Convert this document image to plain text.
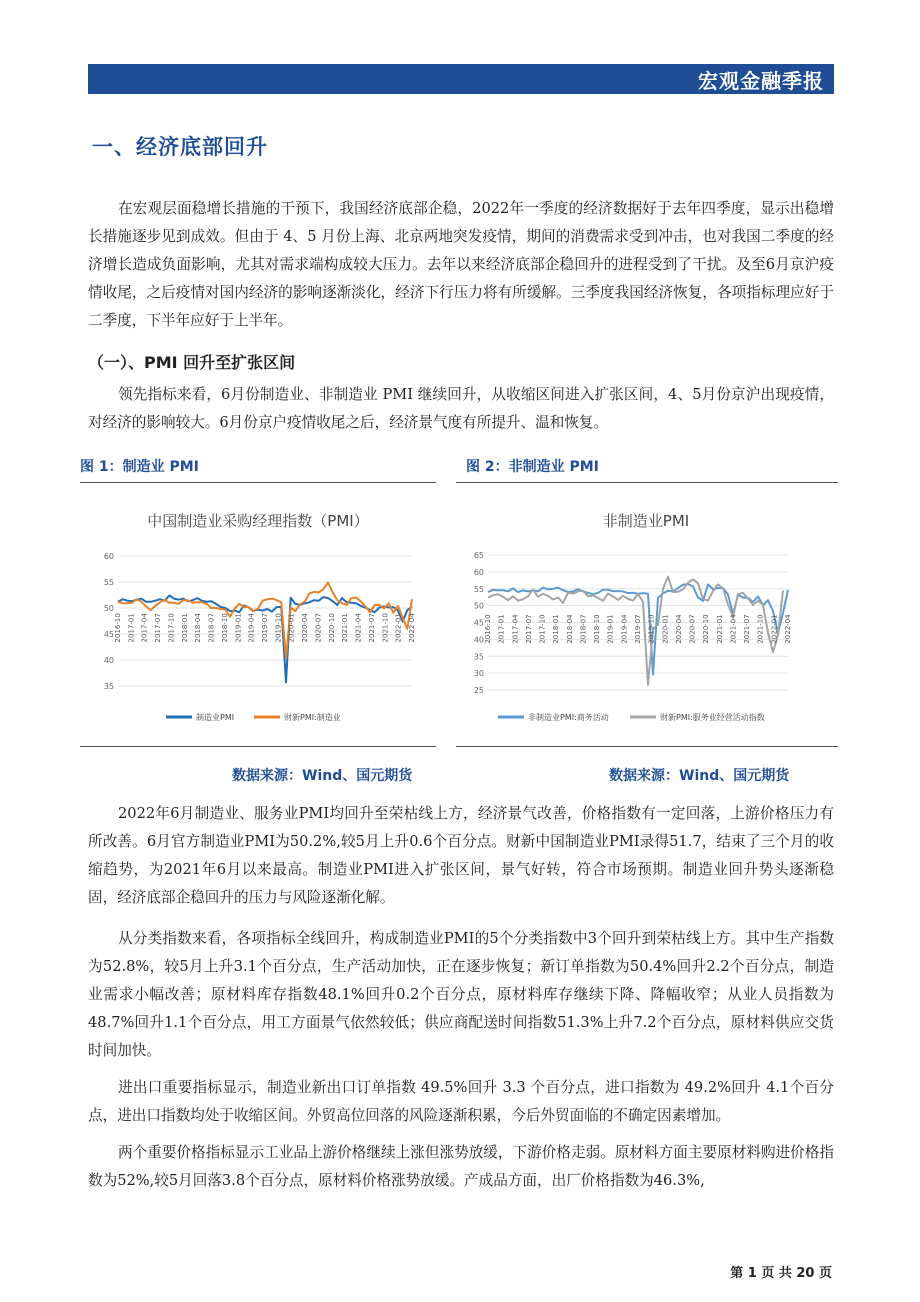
宏观金融季报
一、经济底部回升

在宏观层面稳增长措施的干预下，我国经济底部企稳，2022年一季度的经济数据好于去年四季度，显示出稳增长措施逐步见到成效。但由于 4、5 月份上海、北京两地突发疫情，期间的消费需求受到冲击，也对我国二季度的经济增长造成负面影响，尤其对需求端构成较大压力。去年以来经济底部企稳回升的进程受到了干扰。及至6月京沪疫情收尾，之后疫情对国内经济的影响逐渐淡化，经济下行压力将有所缓解。三季度我国经济恢复，各项指标理应好于二季度，下半年应好于上半年。

（一）、PMI 回升至扩张区间

领先指标来看，6月份制造业、非制造业 PMI 继续回升，从收缩区间进入扩张区间，4、5月份京沪出现疫情，对经济的影响较大。6月份京户疫情收尾之后，经济景气度有所提升、温和恢复。

图 1：制造业 PMI	图 2：非制造业 PMI
中国制造业采购经理指数（PMI）
35
40
45
50
55
60
2016-10 2017-01 2017-04 2017-07 2017-10 2018-01 2018-04 2018-07 2018-10 2019-01 2019-04 2019-07 2019-10 2020-01 2020-04 2020-07 2020-10 2021-01 2021-04 2021-07 2021-10 2022-01 2022-04
制造业PMI	财新PMI:制造业
非制造业PMI
25
30
35
40
45
50
55
60
65
2016-10 2017-01 2017-04 2017-07 2017-10 2018-01 2018-04 2018-07 2018-10 2019-01 2019-04 2019-07 2019-10 2020-01 2020-04 2020-07 2020-10 2021-01 2021-04 2021-07 2021-10 2022-01 2022-04
非制造业PMI:商务活动	财新PMI:服务业经营活动指数
数据来源：Wind、国元期货	数据来源：Wind、国元期货

2022年6月制造业、服务业PMI均回升至荣枯线上方，经济景气改善，价格指数有一定回落，上游价格压力有所改善。6月官方制造业PMI为50.2%,较5月上升0.6个百分点。财新中国制造业PMI录得51.7，结束了三个月的收缩趋势，为2021年6月以来最高。制造业PMI进入扩张区间，景气好转，符合市场预期。制造业回升势头逐渐稳固，经济底部企稳回升的压力与风险逐渐化解。

从分类指数来看，各项指标全线回升，构成制造业PMI的5个分类指数中3个回升到荣枯线上方。其中生产指数为52.8%，较5月上升3.1个百分点，生产活动加快，正在逐步恢复；新订单指数为50.4%回升2.2个百分点，制造业需求小幅改善；原材料库存指数48.1%回升0.2个百分点，原材料库存继续下降、降幅收窄；从业人员指数为48.7%回升1.1个百分点，用工方面景气依然较低；供应商配送时间指数51.3%上升7.2个百分点，原材料供应交货时间加快。

进出口重要指标显示，制造业新出口订单指数 49.5%回升 3.3 个百分点，进口指数为 49.2%回升 4.1个百分点，进出口指数均处于收缩区间。外贸高位回落的风险逐渐积累，今后外贸面临的不确定因素增加。

两个重要价格指标显示工业品上游价格继续上涨但涨势放缓，下游价格走弱。原材料方面主要原材料购进价格指数为52%,较5月回落3.8个百分点，原材料价格涨势放缓。产成品方面，出厂价格指数为46.3%,

第 1 页 共 20 页
